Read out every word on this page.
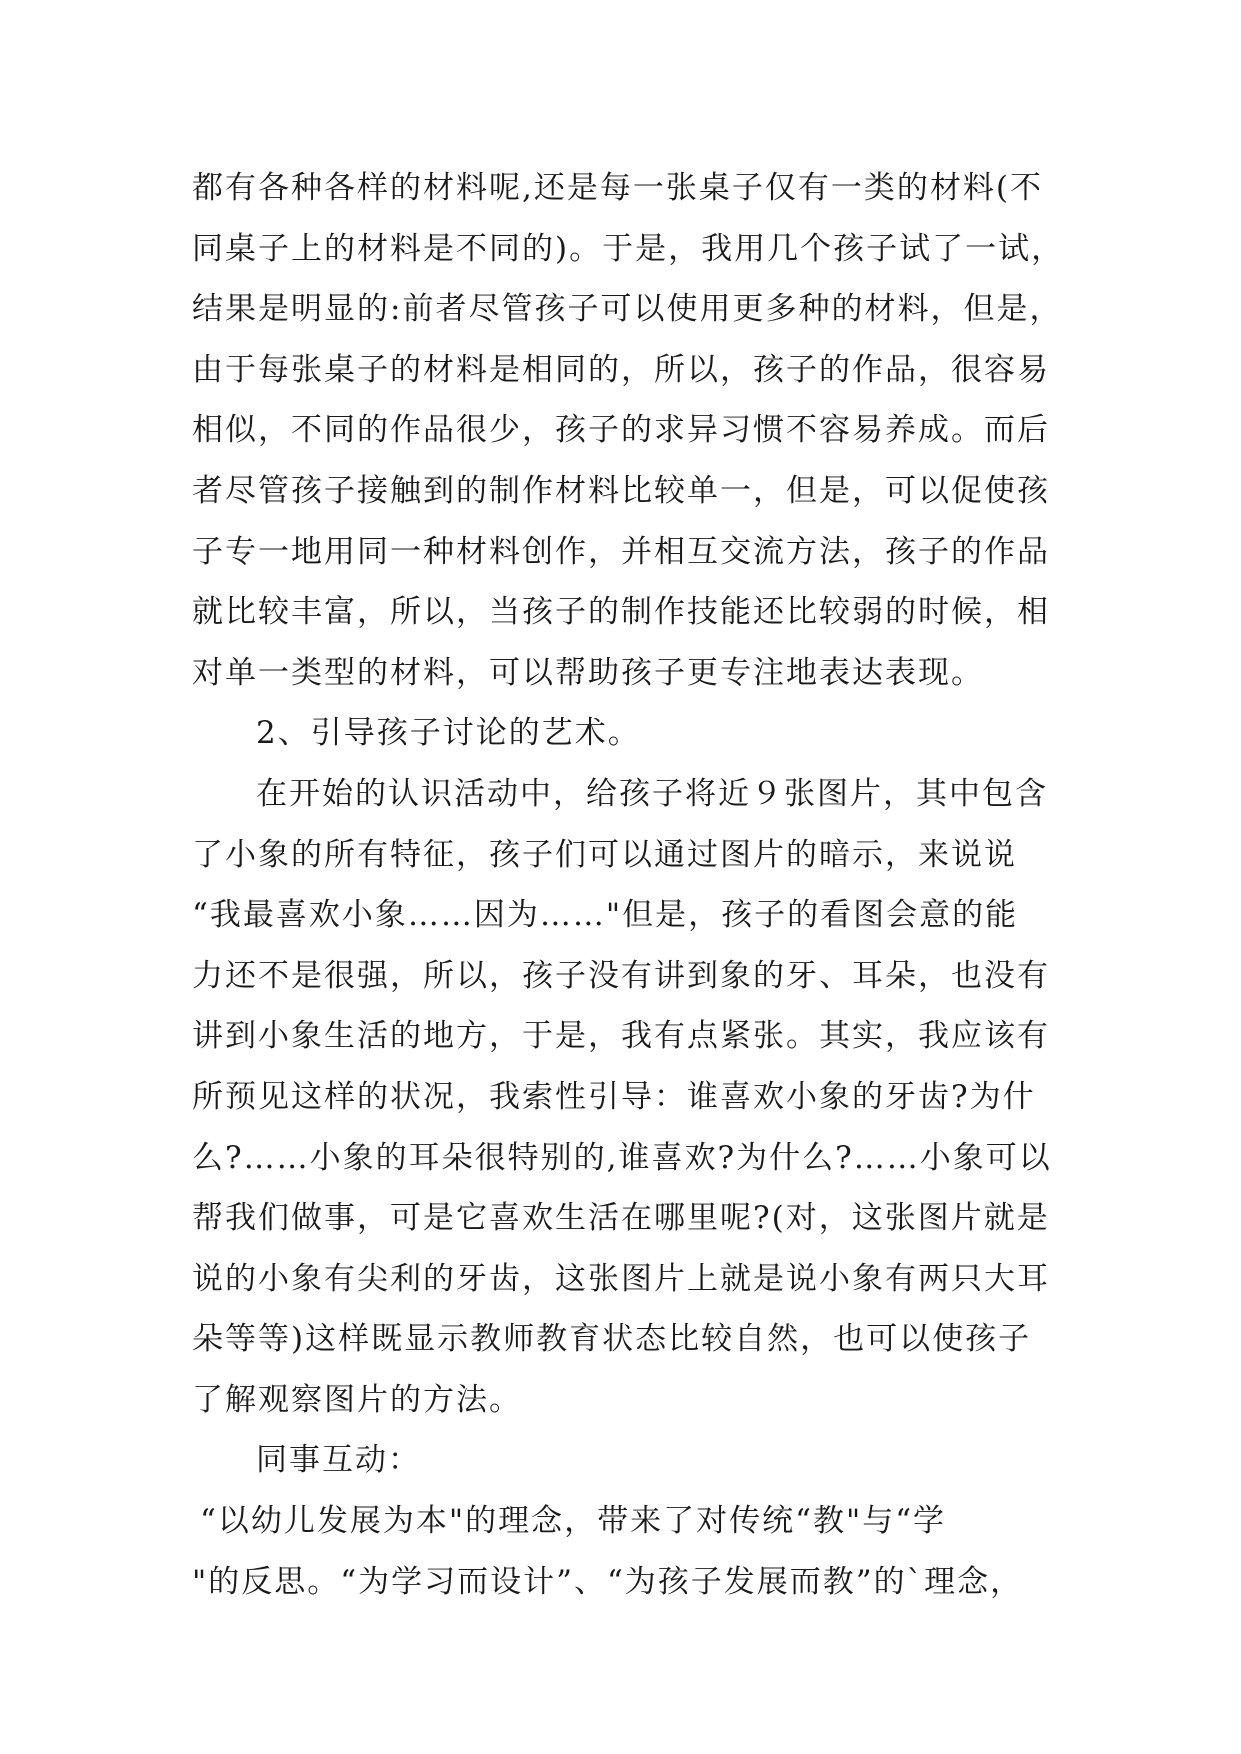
都有各种各样的材料呢,还是每一张桌子仅有一类的材料(不
同桌子上的材料是不同的)。于是，我用几个孩子试了一试，
结果是明显的:前者尽管孩子可以使用更多种的材料，但是，
由于每张桌子的材料是相同的，所以，孩子的作品，很容易
相似，不同的作品很少，孩子的求异习惯不容易养成。而后
者尽管孩子接触到的制作材料比较单一，但是，可以促使孩
子专一地用同一种材料创作，并相互交流方法，孩子的作品
就比较丰富，所以，当孩子的制作技能还比较弱的时候，相
对单一类型的材料，可以帮助孩子更专注地表达表现。
2、引导孩子讨论的艺术。
在开始的认识活动中，给孩子将近９张图片，其中包含
了小象的所有特征，孩子们可以通过图片的暗示，来说说
“我最喜欢小象……因为……"但是，孩子的看图会意的能
力还不是很强，所以，孩子没有讲到象的牙、耳朵，也没有
讲到小象生活的地方，于是，我有点紧张。其实，我应该有
所预见这样的状况，我索性引导：谁喜欢小象的牙齿?为什
么?……小象的耳朵很特别的,谁喜欢?为什么?……小象可以
帮我们做事，可是它喜欢生活在哪里呢?(对，这张图片就是
说的小象有尖利的牙齿，这张图片上就是说小象有两只大耳
朵等等)这样既显示教师教育状态比较自然，也可以使孩子
了解观察图片的方法。
同事互动：
“以幼儿发展为本"的理念，带来了对传统“教"与“学
"的反思。“为学习而设计”、“为孩子发展而教”的`理念，
